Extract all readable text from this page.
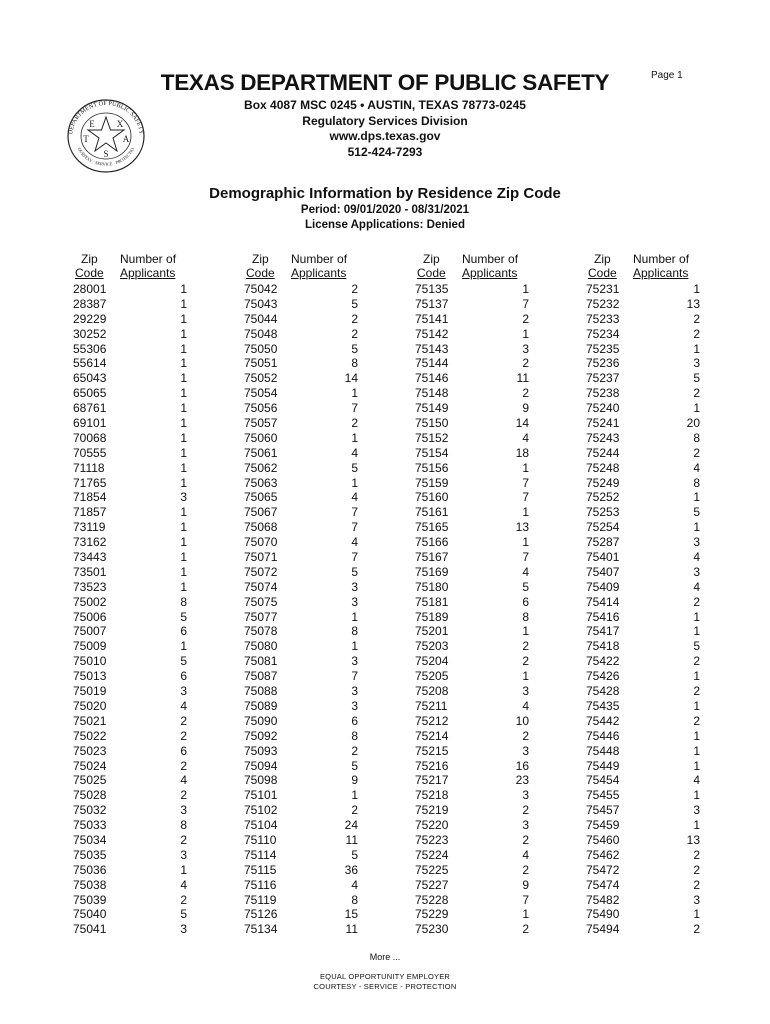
Page 1
DEPARTMENT OF PUBLIC SAFETY
OURTESY · SERVICE · PROTECTIO
E X
T	A
S
TEXAS DEPARTMENT OF PUBLIC SAFETY
Box 4087 MSC 0245 • AUSTIN, TEXAS 78773-0245
Regulatory Services Division
www.dps.texas.gov
512-424-7293
Demographic Information by Residence Zip Code
Period: 09/01/2020 - 08/31/2021
License Applications: Denied
Zip
Code
Number of
Applicants
28001	1
28387	1
29229	1
30252	1
55306	1
55614	1
65043	1
65065	1
68761	1
69101	1
70068	1
70555	1
71118	1
71765	1
71854	3
71857	1
73119	1
73162	1
73443	1
73501	1
73523	1
75002	8
75006	5
75007	6
75009	1
75010	5
75013	6
75019	3
75020	4
75021	2
75022	2
75023	6
75024	2
75025	4
75028	2
75032	3
75033	8
75034	2
75035	3
75036	1
75038	4
75039	2
75040	5
75041	3
Zip
Code
Number of
Applicants
75042	2
75043	5
75044	2
75048	2
75050	5
75051	8
75052	14
75054	1
75056	7
75057	2
75060	1
75061	4
75062	5
75063	1
75065	4
75067	7
75068	7
75070	4
75071	7
75072	5
75074	3
75075	3
75077	1
75078	8
75080	1
75081	3
75087	7
75088	3
75089	3
75090	6
75092	8
75093	2
75094	5
75098	9
75101	1
75102	2
75104	24
75110	11
75114	5
75115	36
75116	4
75119	8
75126	15
75134	11
Zip
Code
Number of
Applicants
75135	1
75137	7
75141	2
75142	1
75143	3
75144	2
75146	11
75148	2
75149	9
75150	14
75152	4
75154	18
75156	1
75159	7
75160	7
75161	1
75165	13
75166	1
75167	7
75169	4
75180	5
75181	6
75189	8
75201	1
75203	2
75204	2
75205	1
75208	3
75211	4
75212	10
75214	2
75215	3
75216	16
75217	23
75218	3
75219	2
75220	3
75223	2
75224	4
75225	2
75227	9
75228	7
75229	1
75230	2
Zip
Code
Number of
Applicants
75231	1
75232	13
75233	2
75234	2
75235	1
75236	3
75237	5
75238	2
75240	1
75241	20
75243	8
75244	2
75248	4
75249	8
75252	1
75253	5
75254	1
75287	3
75401	4
75407	3
75409	4
75414	2
75416	1
75417	1
75418	5
75422	2
75426	1
75428	2
75435	1
75442	2
75446	1
75448	1
75449	1
75454	4
75455	1
75457	3
75459	1
75460	13
75462	2
75472	2
75474	2
75482	3
75490	1
75494	2
More ...
EQUAL OPPORTUNITY EMPLOYER
COURTESY - SERVICE - PROTECTION
